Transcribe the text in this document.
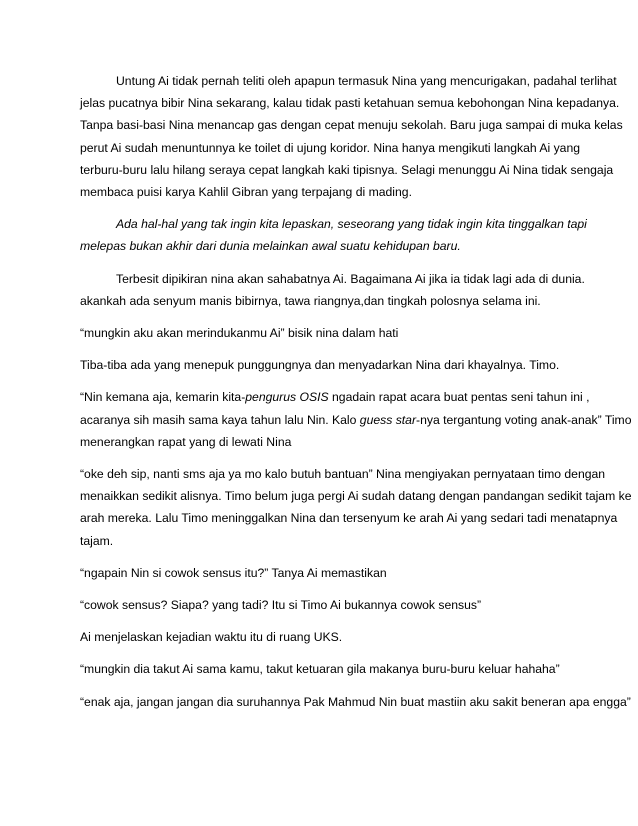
Untung Ai tidak pernah teliti oleh apapun termasuk Nina yang mencurigakan, padahal terlihat
jelas pucatnya bibir Nina sekarang, kalau tidak pasti ketahuan semua kebohongan Nina kepadanya.
Tanpa basi-basi Nina menancap gas dengan cepat menuju sekolah. Baru juga sampai di muka kelas
perut Ai sudah menuntunnya ke toilet di ujung koridor. Nina hanya mengikuti langkah Ai yang
terburu-buru lalu hilang seraya cepat langkah kaki tipisnya. Selagi menunggu Ai Nina tidak sengaja
membaca puisi karya Kahlil Gibran yang terpajang di mading.
Ada hal-hal yang tak ingin kita lepaskan, seseorang yang tidak ingin kita tinggalkan tapi
melepas bukan akhir dari dunia melainkan awal suatu kehidupan baru.
Terbesit dipikiran nina akan sahabatnya Ai. Bagaimana Ai jika ia tidak lagi ada di dunia.
akankah ada senyum manis bibirnya, tawa riangnya,dan tingkah polosnya selama ini.
“mungkin aku akan merindukanmu Ai” bisik nina dalam hati
Tiba-tiba ada yang menepuk punggungnya dan menyadarkan Nina dari khayalnya. Timo.
“Nin kemana aja, kemarin kita-pengurus OSIS ngadain rapat acara buat pentas seni tahun ini ,
acaranya sih masih sama kaya tahun lalu Nin. Kalo guess star-nya tergantung voting anak-anak” Timo
menerangkan rapat yang di lewati Nina
“oke deh sip, nanti sms aja ya mo kalo butuh bantuan” Nina mengiyakan pernyataan timo dengan
menaikkan sedikit alisnya. Timo belum juga pergi Ai sudah datang dengan pandangan sedikit tajam ke
arah mereka. Lalu Timo meninggalkan Nina dan tersenyum ke arah Ai yang sedari tadi menatapnya
tajam.
“ngapain Nin si cowok sensus itu?” Tanya Ai memastikan
“cowok sensus? Siapa? yang tadi? Itu si Timo Ai bukannya cowok sensus”
Ai menjelaskan kejadian waktu itu di ruang UKS.
“mungkin dia takut Ai sama kamu, takut ketuaran gila makanya buru-buru keluar hahaha”
“enak aja, jangan jangan dia suruhannya Pak Mahmud Nin buat mastiin aku sakit beneran apa engga”
